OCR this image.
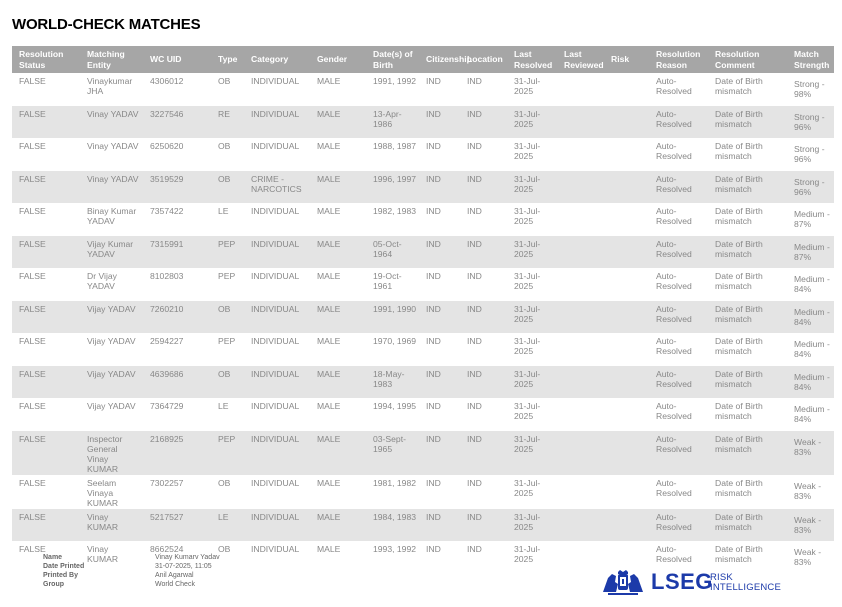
WORLD-CHECK MATCHES
Resolution Status	Matching Entity	WC UID	Type	Category	Gender	Date(s) of Birth	Citizenship	Location	Last Resolved	Last Reviewed	Risk	Resolution Reason	Resolution Comment	Match Strength
FALSE	Vinaykumar JHA	4306012	OB	INDIVIDUAL	MALE	1991, 1992	IND	IND	31-Jul-2025			Auto-Resolved	Date of Birth mismatch	Strong - 98%
FALSE	Vinay YADAV	3227546	RE	INDIVIDUAL	MALE	13-Apr-1986	IND	IND	31-Jul-2025			Auto-Resolved	Date of Birth mismatch	Strong - 96%
FALSE	Vinay YADAV	6250620	OB	INDIVIDUAL	MALE	1988, 1987	IND	IND	31-Jul-2025			Auto-Resolved	Date of Birth mismatch	Strong - 96%
FALSE	Vinay YADAV	3519529	OB	CRIME - NARCOTICS	MALE	1996, 1997	IND	IND	31-Jul-2025			Auto-Resolved	Date of Birth mismatch	Strong - 96%
FALSE	Binay Kumar YADAV	7357422	LE	INDIVIDUAL	MALE	1982, 1983	IND	IND	31-Jul-2025			Auto-Resolved	Date of Birth mismatch	Medium - 87%
FALSE	Vijay Kumar YADAV	7315991	PEP	INDIVIDUAL	MALE	05-Oct-1964	IND	IND	31-Jul-2025			Auto-Resolved	Date of Birth mismatch	Medium - 87%
FALSE	Dr Vijay YADAV	8102803	PEP	INDIVIDUAL	MALE	19-Oct-1961	IND	IND	31-Jul-2025			Auto-Resolved	Date of Birth mismatch	Medium - 84%
FALSE	Vijay YADAV	7260210	OB	INDIVIDUAL	MALE	1991, 1990	IND	IND	31-Jul-2025			Auto-Resolved	Date of Birth mismatch	Medium - 84%
FALSE	Vijay YADAV	2594227	PEP	INDIVIDUAL	MALE	1970, 1969	IND	IND	31-Jul-2025			Auto-Resolved	Date of Birth mismatch	Medium - 84%
FALSE	Vijay YADAV	4639686	OB	INDIVIDUAL	MALE	18-May-1983	IND	IND	31-Jul-2025			Auto-Resolved	Date of Birth mismatch	Medium - 84%
FALSE	Vijay YADAV	7364729	LE	INDIVIDUAL	MALE	1994, 1995	IND	IND	31-Jul-2025			Auto-Resolved	Date of Birth mismatch	Medium - 84%
FALSE	Inspector General Vinay KUMAR	2168925	PEP	INDIVIDUAL	MALE	03-Sept-1965	IND	IND	31-Jul-2025			Auto-Resolved	Date of Birth mismatch	Weak - 83%
FALSE	Seelam Vinaya KUMAR	7302257	OB	INDIVIDUAL	MALE	1981, 1982	IND	IND	31-Jul-2025			Auto-Resolved	Date of Birth mismatch	Weak - 83%
FALSE	Vinay KUMAR	5217527	LE	INDIVIDUAL	MALE	1984, 1983	IND	IND	31-Jul-2025			Auto-Resolved	Date of Birth mismatch	Weak - 83%
FALSE	Vinay KUMAR	8662524	OB	INDIVIDUAL	MALE	1993, 1992	IND	IND	31-Jul-2025			Auto-Resolved	Date of Birth mismatch	Weak - 83%
Name	Vinay Kumarv Yadav
Date Printed	31-07-2025, 11:05
Printed By	Anil Agarwal
Group	World Check	LSEG
RISK
INTELLIGENCE
